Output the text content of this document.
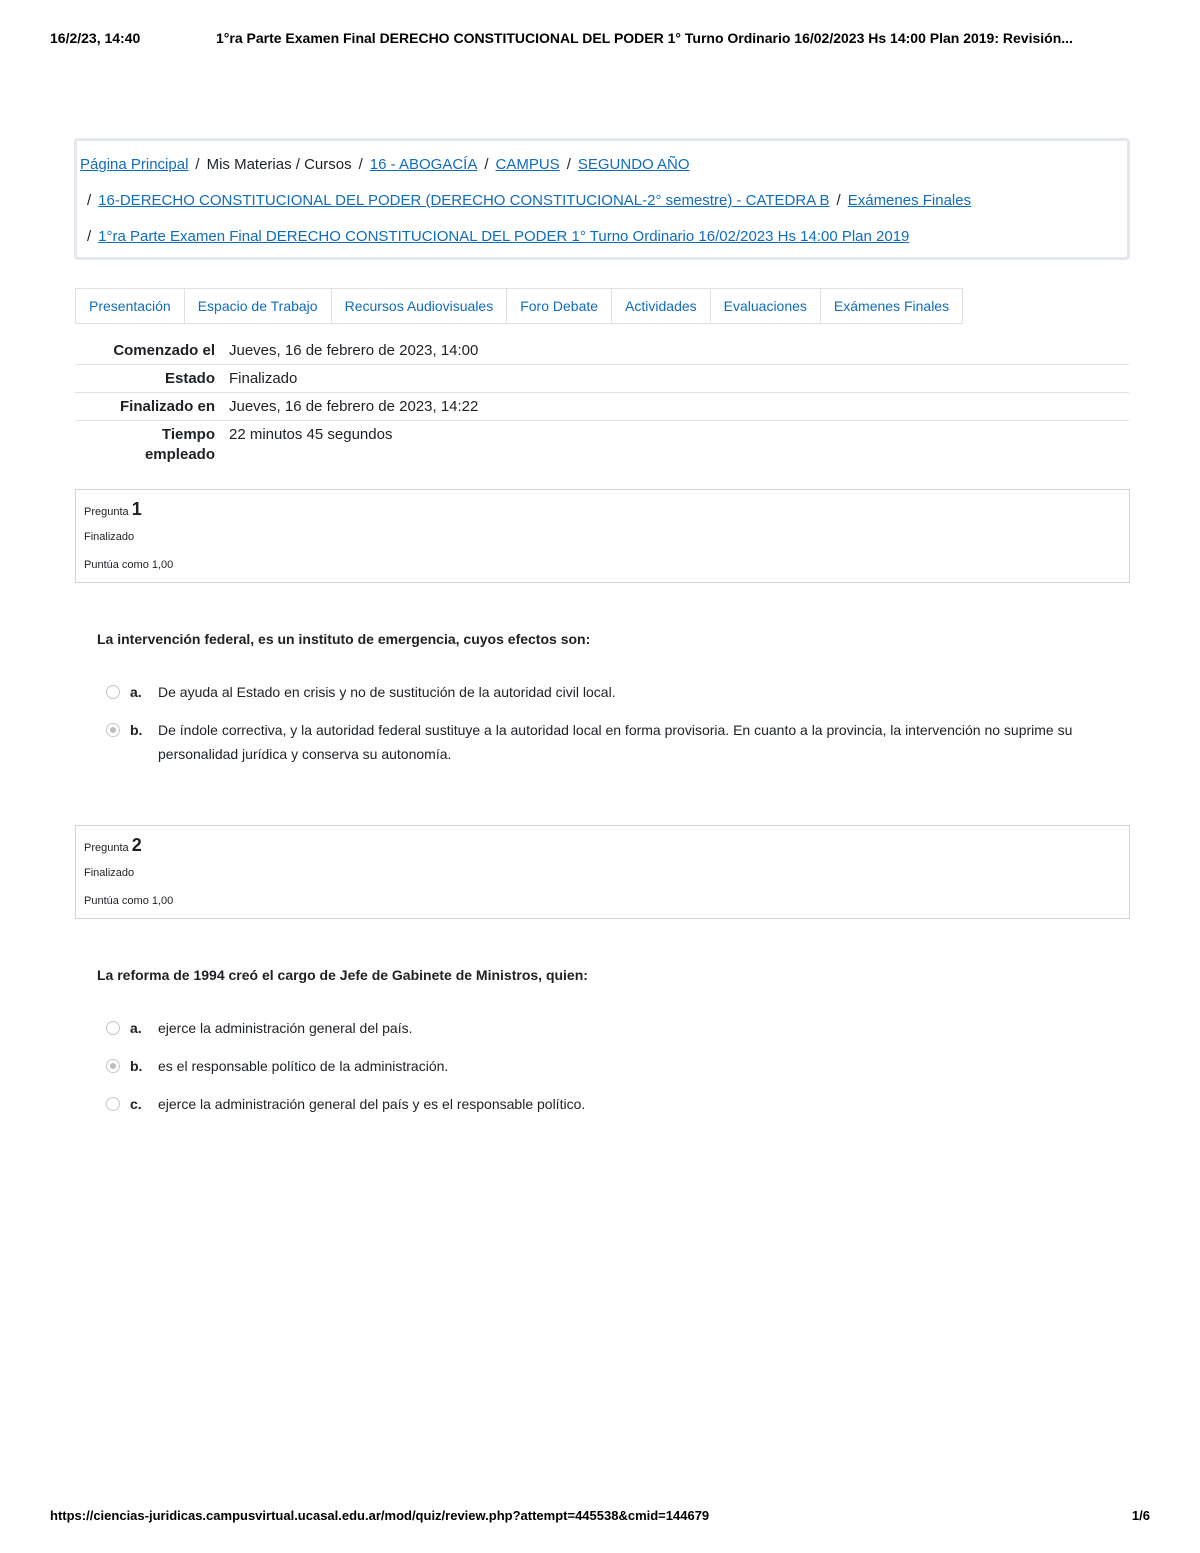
16/2/23, 14:40	1°ra Parte Examen Final DERECHO CONSTITUCIONAL DEL PODER 1° Turno Ordinario 16/02/2023 Hs 14:00 Plan 2019: Revisión...
Página Principal / Mis Materias / Cursos / 16 - ABOGACÍA / CAMPUS / SEGUNDO AÑO
/ 16-DERECHO CONSTITUCIONAL DEL PODER (DERECHO CONSTITUCIONAL-2° semestre) - CATEDRA B / Exámenes Finales
/ 1°ra Parte Examen Final DERECHO CONSTITUCIONAL DEL PODER 1° Turno Ordinario 16/02/2023 Hs 14:00 Plan 2019
Presentación	Espacio de Trabajo	Recursos Audiovisuales	Foro Debate	Actividades	Evaluaciones	Exámenes Finales
Comenzado el Jueves, 16 de febrero de 2023, 14:00
Estado Finalizado
Finalizado en Jueves, 16 de febrero de 2023, 14:22
Tiempo empleado
22 minutos 45 segundos
Pregunta 1
Finalizado
Puntúa como 1,00
La intervención federal, es un instituto de emergencia, cuyos efectos son:
a.	De ayuda al Estado en crisis y no de sustitución de la autoridad civil local.
b.	De índole correctiva, y la autoridad federal sustituye a la autoridad local en forma provisoria. En cuanto a la provincia, la intervención no suprime su personalidad jurídica y conserva su autonomía.
Pregunta 2
Finalizado
Puntúa como 1,00
La reforma de 1994 creó el cargo de Jefe de Gabinete de Ministros, quien:
a.	ejerce la administración general del país.
b.	es el responsable político de la administración.
c.	ejerce la administración general del país y es el responsable político.
https://ciencias-juridicas.campusvirtual.ucasal.edu.ar/mod/quiz/review.php?attempt=445538&cmid=144679	1/6
